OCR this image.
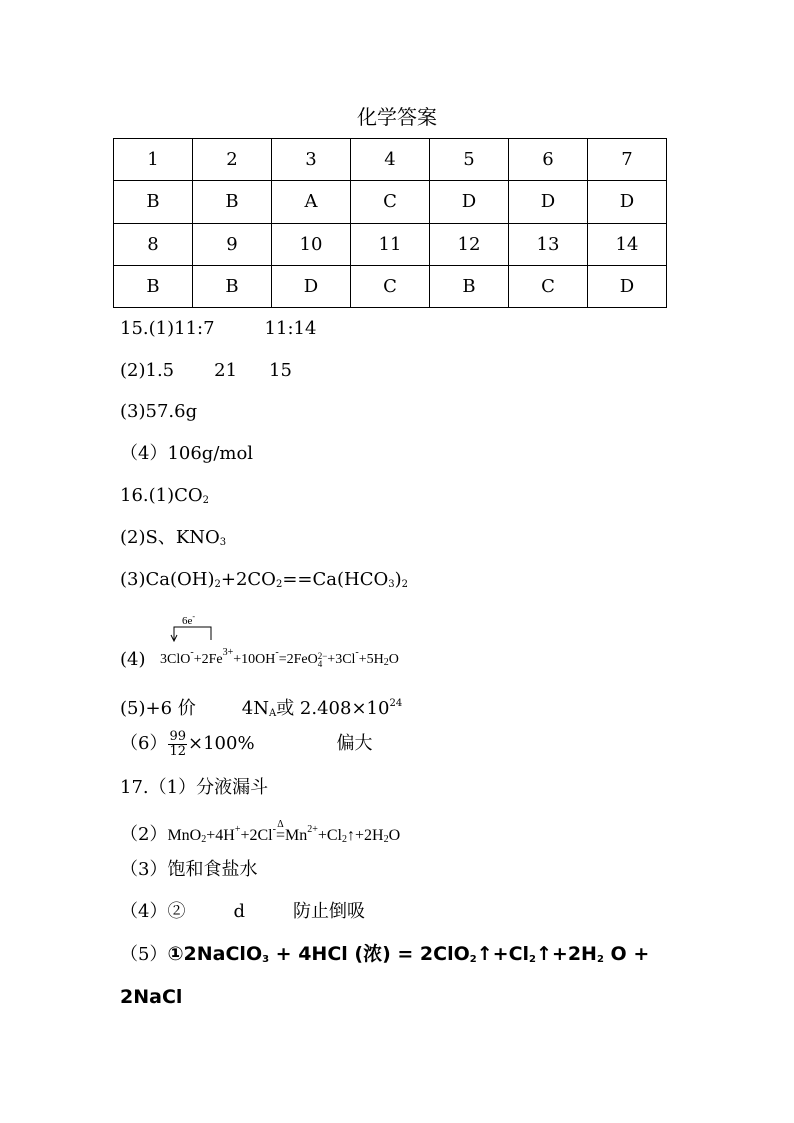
化学答案
1	2	3	4	5	6	7
B	B	A	C	D	D	D
8	9	10	11	12	13	14
B	B	D	C	B	C	D
15.(1)11:7	11:14
(2)1.5 21 15
(3)57.6g
（4）106g/mol
$16.(1)CO_2$
(2)S、$KNO_3$
$(3)Ca(OH)_2+2CO_2==Ca(HCO_3)_2$
(4)
6e-
$3ClO^-+2Fe^{3+}+10OH^-=2FeO$ 2−
$4 +3Cl^-+5H_2O$
(5)+6 价	$4N_A$或 $2.408\times 10^{24}$
$(6) \frac{99}{12} \times 100\%$	偏大
17.（1）分液漏斗
（2）MnO$_2$+4H++2Cl- Δ
$=Mn^{2+}+Cl_2↑+2H_2O$
（3）饱和食盐水
（4）②	d	防止倒吸
（5）①2NaClO$_3$ + 4HCl (浓) = $2ClO_2↑+Cl_2↑+2H_2$ O +
2NaCl
